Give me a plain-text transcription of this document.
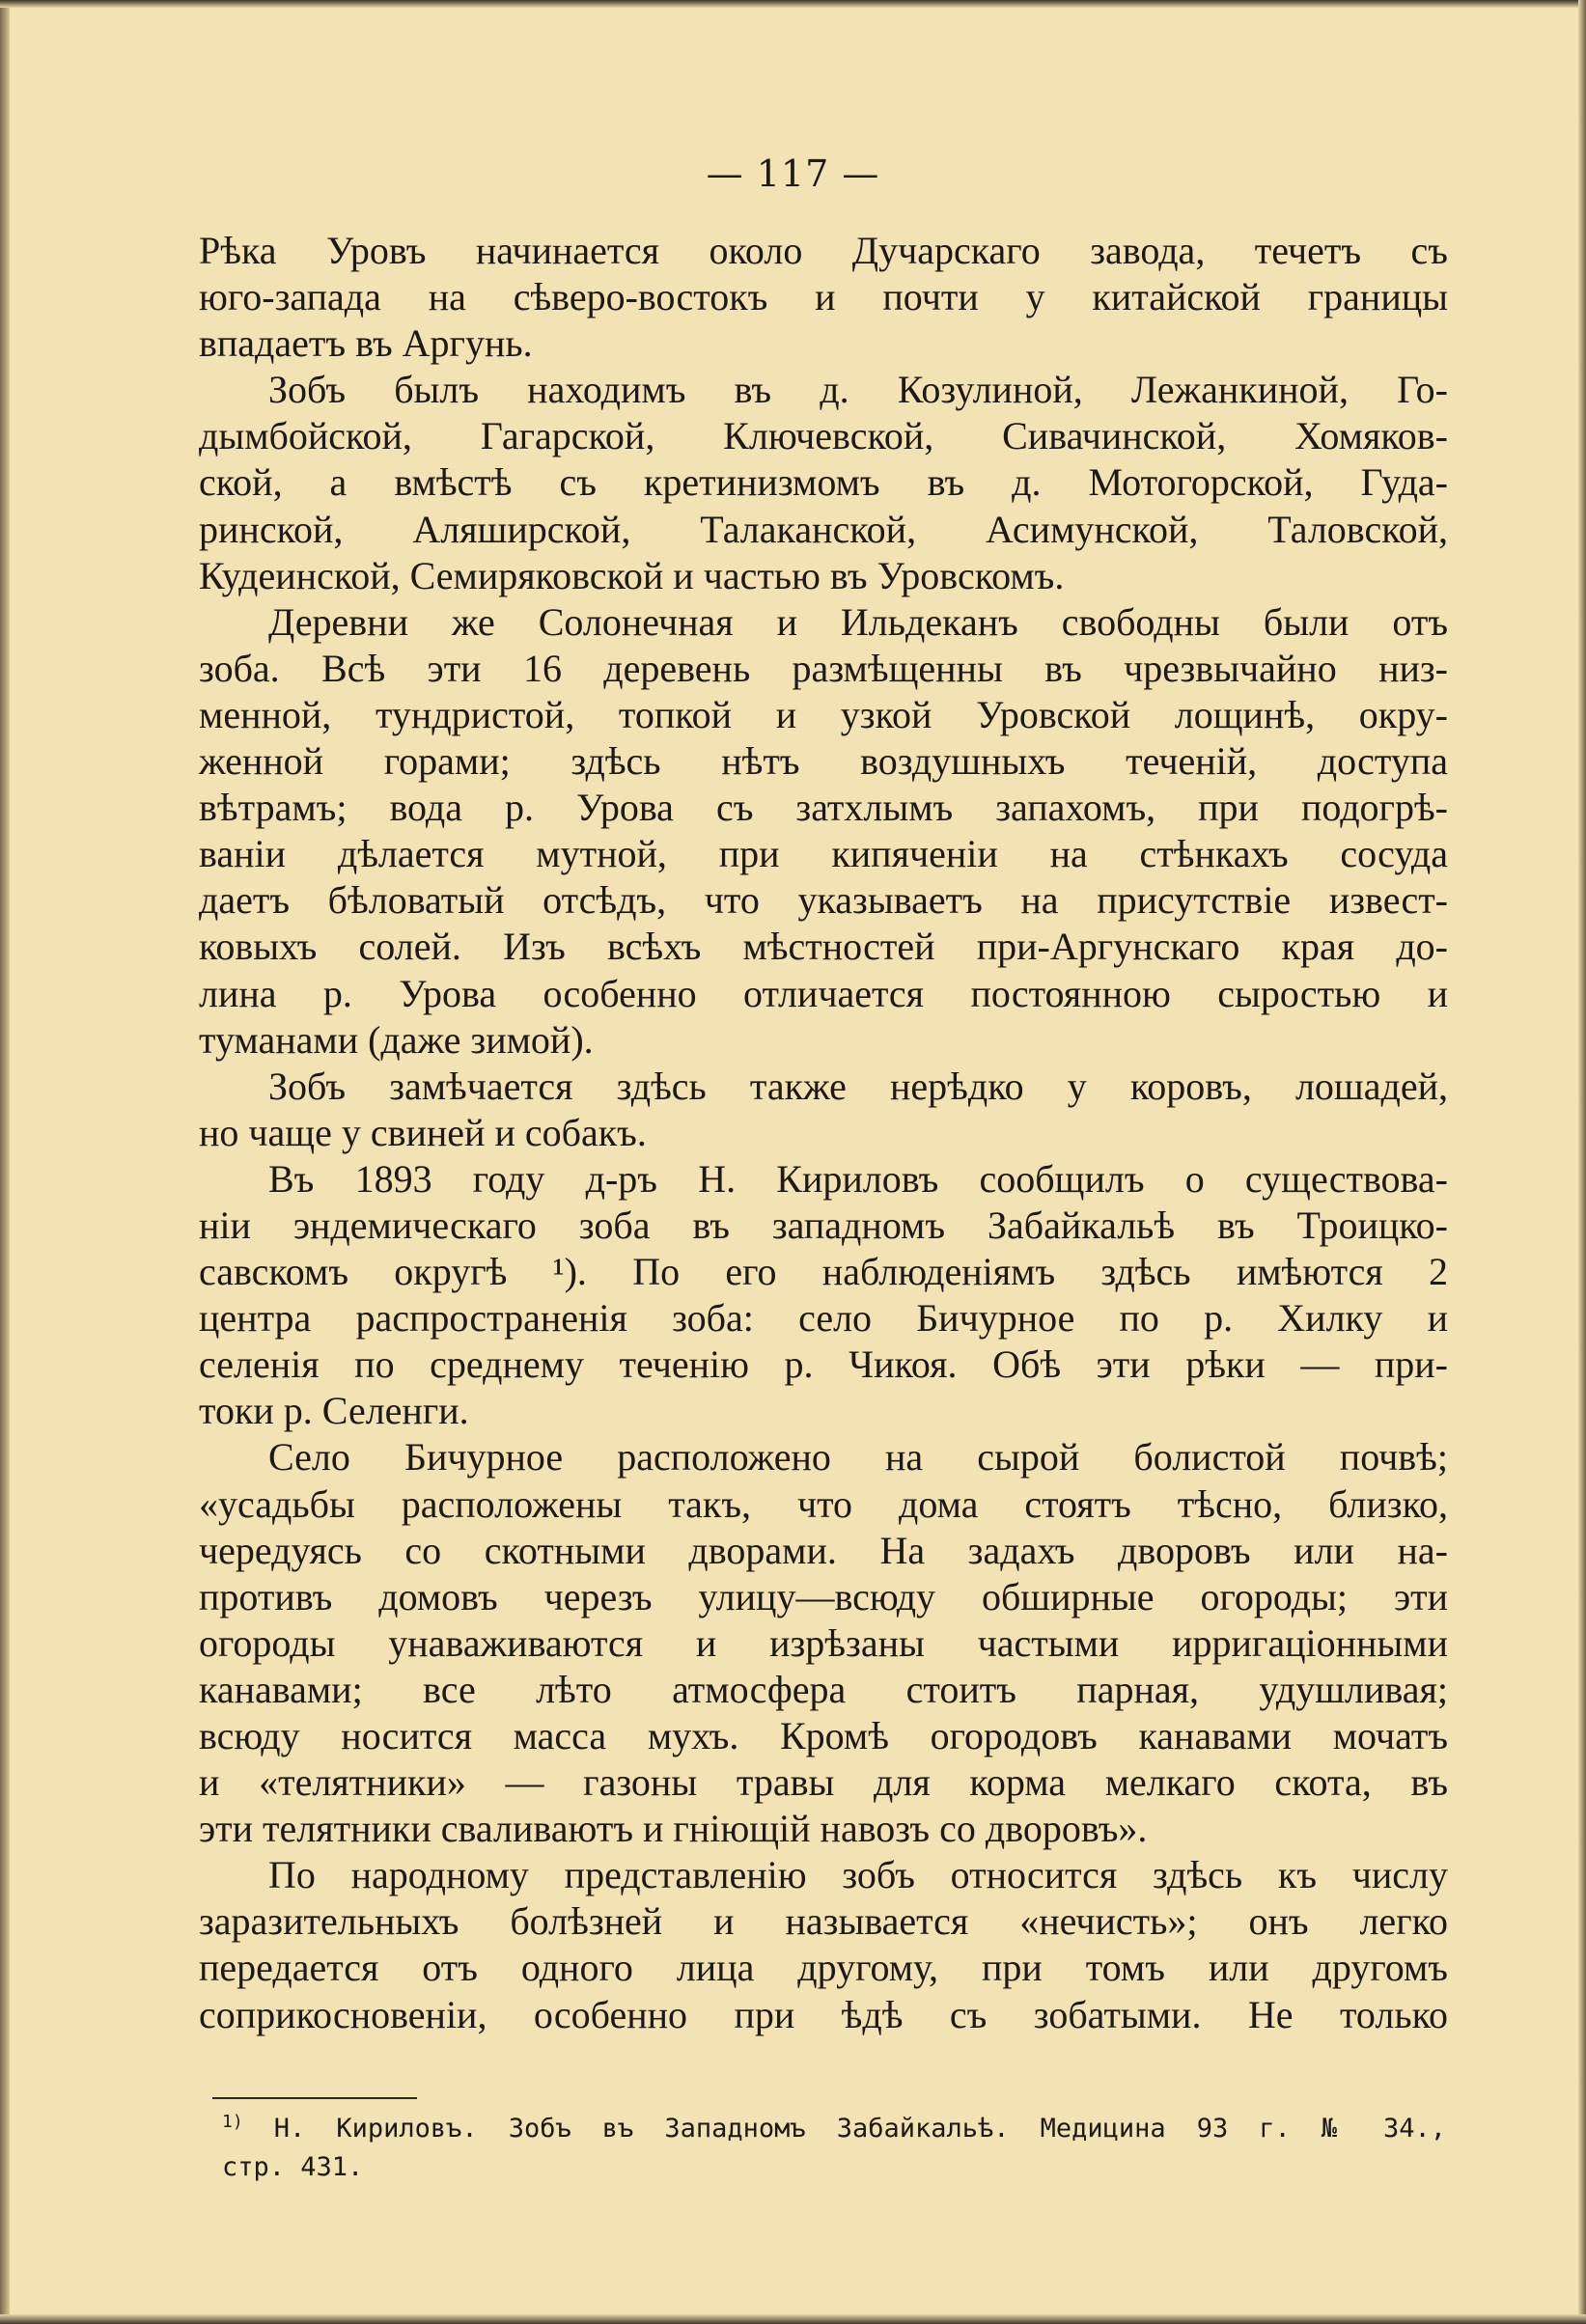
— 117 —
Рѣка Уровъ начинается около Дучарскаго завода, течетъ съ
юго-запада на сѣверо-востокъ и почти у китайской границы
впадаетъ въ Аргунь.
Зобъ былъ находимъ въ д. Козулиной, Лежанкиной, Го-
дымбойской, Гагарской, Ключевской, Сивачинской, Хомяков-
ской, а вмѣстѣ съ кретинизмомъ въ д. Мотогорской, Гуда-
ринской, Аляширской, Талаканской, Асимунской, Таловской,
Кудеинской, Семиряковской и частью въ Уровскомъ.
Деревни же Солонечная и Ильдеканъ свободны были отъ
зоба. Всѣ эти 16 деревень размѣщенны въ чрезвычайно низ-
менной, тундристой, топкой и узкой Уровской лощинѣ, окру-
женной горами; здѣсь нѣтъ воздушныхъ теченій, доступа
вѣтрамъ; вода р. Урова съ затхлымъ запахомъ, при подогрѣ-
ваніи дѣлается мутной, при кипяченіи на стѣнкахъ сосуда
даетъ бѣловатый отсѣдъ, что указываетъ на присутствіе извест-
ковыхъ солей. Изъ всѣхъ мѣстностей при-Аргунскаго края до-
лина р. Урова особенно отличается постоянною сыростью и
туманами (даже зимой).
Зобъ замѣчается здѣсь также нерѣдко у коровъ, лошадей,
но чаще у свиней и собакъ.
Въ 1893 году д-ръ Н. Кириловъ сообщилъ о существова-
ніи эндемическаго зоба въ западномъ Забайкальѣ въ Троицко-
савскомъ округѣ ¹). По его наблюденіямъ здѣсь имѣются 2
центра распространенія зоба: село Бичурное по р. Хилку и
селенія по среднему теченію р. Чикоя. Обѣ эти рѣки — при-
токи р. Селенги.
Село Бичурное расположено на сырой болистой почвѣ;
«усадьбы расположены такъ, что дома стоятъ тѣсно, близко,
чередуясь со скотными дворами. На задахъ дворовъ или на-
противъ домовъ черезъ улицу—всюду обширные огороды; эти
огороды унаваживаются и изрѣзаны частыми ирригаціонными
канавами; все лѣто атмосфера стоитъ парная, удушливая;
всюду носится масса мухъ. Кромѣ огородовъ канавами мочатъ
и «телятники» — газоны травы для корма мелкаго скота, въ
эти телятники сваливаютъ и гніющій навозъ со дворовъ».
По народному представленію зобъ относится здѣсь къ числу
заразительныхъ болѣзней и называется «нечисть»; онъ легко
передается отъ одного лица другому, при томъ или другомъ
соприкосновеніи, особенно при ѣдѣ съ зобатыми. Не только
$^{1)}$ Н. Кириловъ. Зобъ въ Западномъ Забайкальѣ. Медицина 93 г. № 34.,
стр. 431.
